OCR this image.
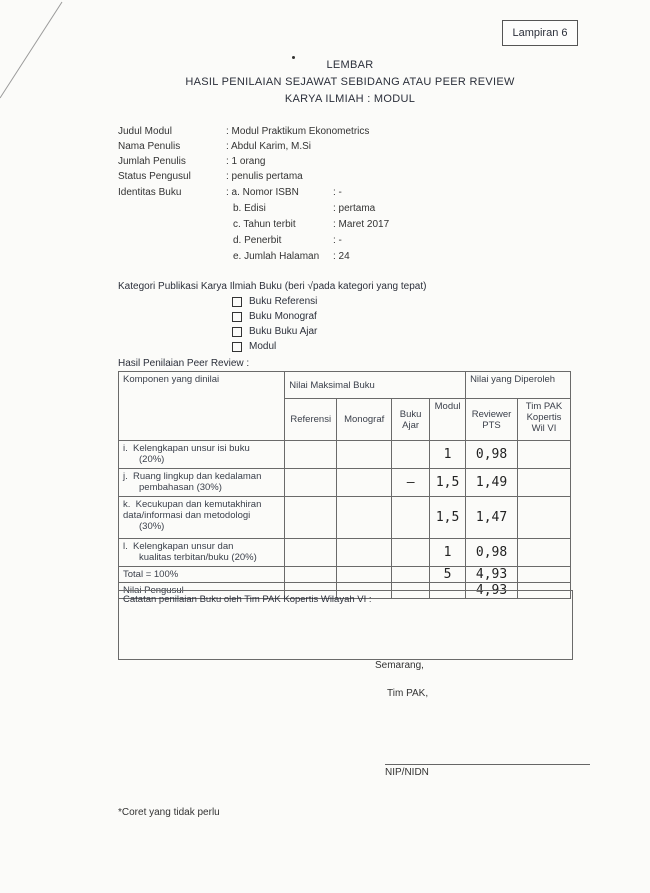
Lampiran 6
LEMBAR
HASIL PENILAIAN SEJAWAT SEBIDANG ATAU PEER REVIEW
KARYA ILMIAH : MODUL
Judul Modul	: Modul Praktikum Ekonometrics
Nama Penulis	: Abdul Karim, M.Si
Jumlah Penulis	: 1 orang
Status Pengusul	: penulis pertama
Identitas Buku	: a. Nomor ISBN	: -
b. Edisi	: pertama
c. Tahun terbit	: Maret 2017
d. Penerbit	: -
e. Jumlah Halaman : 24
Kategori Publikasi Karya Ilmiah Buku (beri √pada kategori yang tepat)
Buku Referensi
Buku Monograf
Buku Buku Ajar
Modul
Hasil Penilaian Peer Review :
Komponen yang dinilai	Nilai Maksimal Buku				Nilai yang Diperoleh	
	Referensi	Monograf	Buku Ajar	Modul	Reviewer PTS	Tim PAK Kopertis Wil VI
i. Kelengkapan unsur isi buku
(20%)				1	0,98	
j. Ruang lingkup dan kedalaman
pembahasan (30%)			—	1,5	1,49	
k. Kecukupan dan kemutakhiran data/informasi dan metodologi
(30%)				1,5	1,47	
l. Kelengkapan unsur dan
kualitas terbitan/buku (20%)				1	0,98	
Total = 100%				5	4,93	
Nilai Pengusul					4,93	
Catatan penilaian Buku oleh Tim PAK Kopertis Wilayah VI :
Semarang,
Tim PAK,
NIP/NIDN
*Coret yang tidak perlu
